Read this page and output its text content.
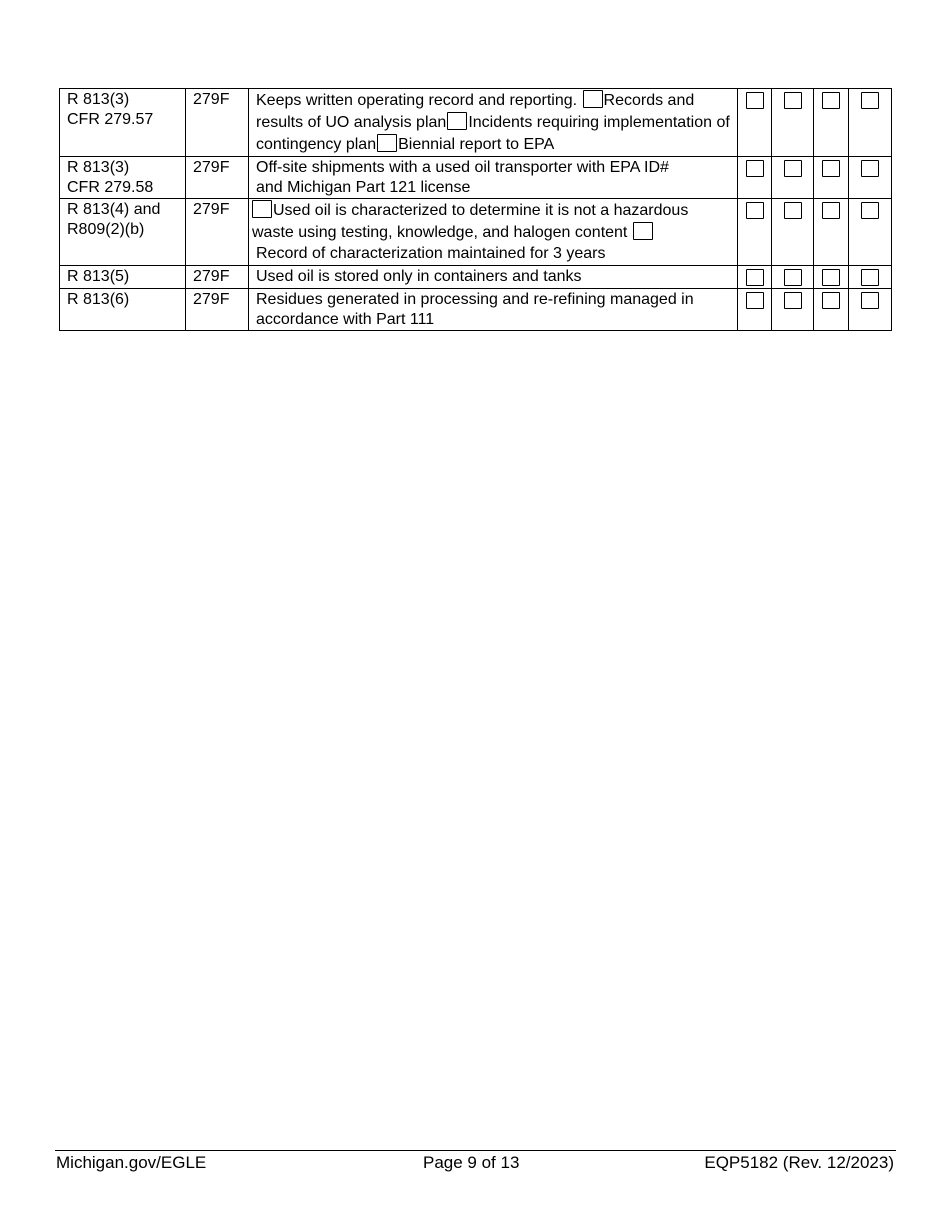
R 813(3)
CFR 279.57	279F	Keeps written operating record and reporting. Records and results of UO analysis plan Incidents requiring implementation of contingency plan Biennial report to EPA				

R 813(3)
CFR 279.58	279F	Off-site shipments with a used oil transporter with EPA ID#
and Michigan Part 121 license				

R 813(4) and
R809(2)(b)	279F	Used oil is characterized to determine it is not a hazardous waste using testing, knowledge, and halogen content
Record of characterization maintained for 3 years				

R 813(5)	279F	Used oil is stored only in containers and tanks				
R 813(6)	279F	Residues generated in processing and re-refining managed in
accordance with Part 111				

Michigan.gov/EGLE	Page 9 of 13	EQP5182 (Rev. 12/2023)
